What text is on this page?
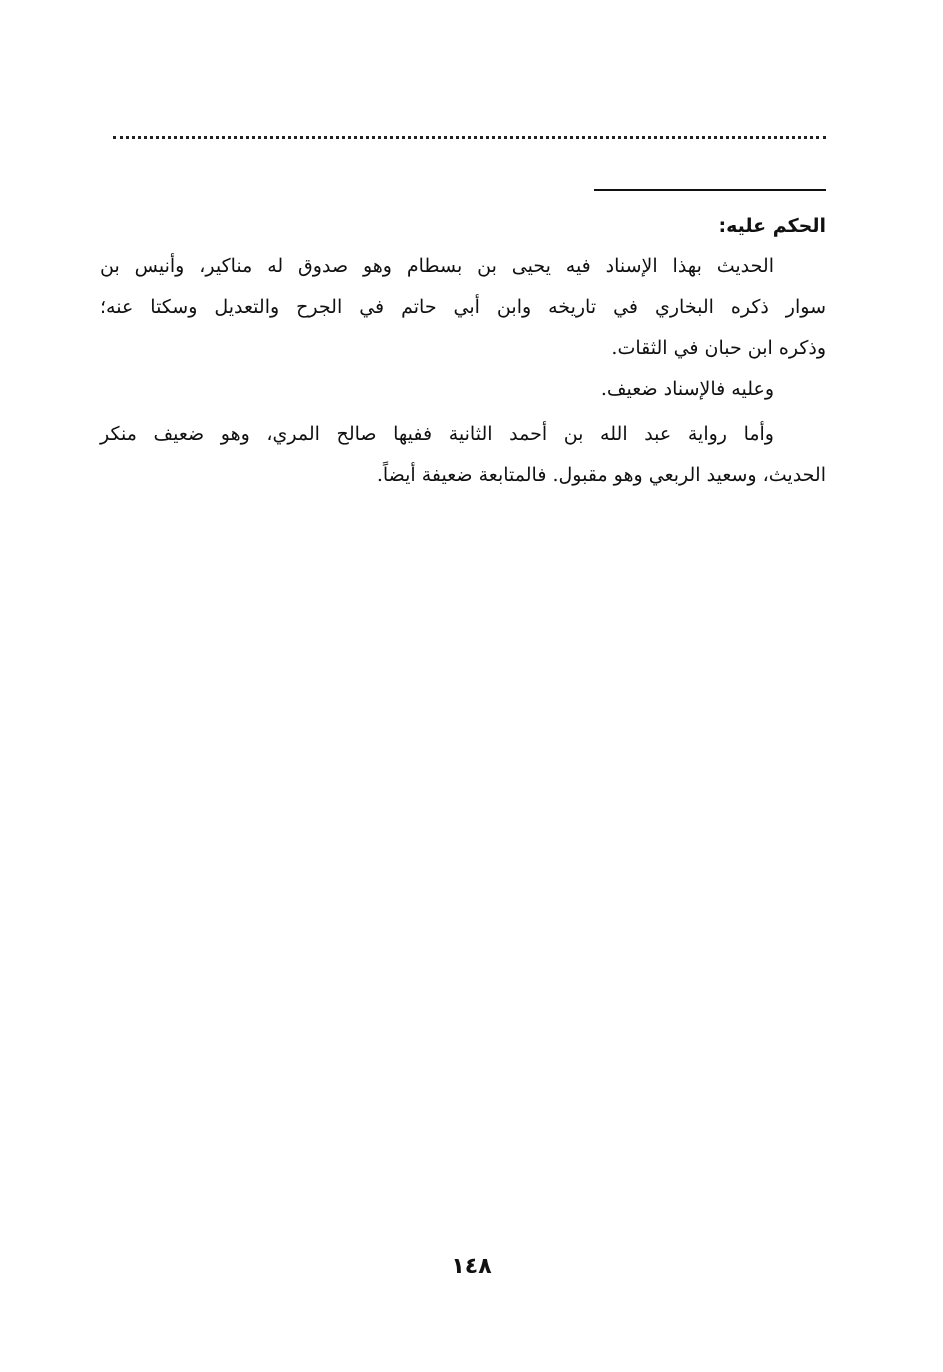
الحكم عليه:
الحديث بهذا الإسناد فيه يحيى بن بسطام وهو صدوق له مناكير، وأنيس بن
سوار ذكره البخاري في تاريخه وابن أبي حاتم في الجرح والتعديل وسكتا عنه؛
وذكره ابن حبان في الثقات.
وعليه فالإسناد ضعيف.
وأما رواية عبد الله بن أحمد الثانية ففيها صالح المري، وهو ضعيف منكر
الحديث، وسعيد الربعي وهو مقبول. فالمتابعة ضعيفة أيضاً.
١٤٨
